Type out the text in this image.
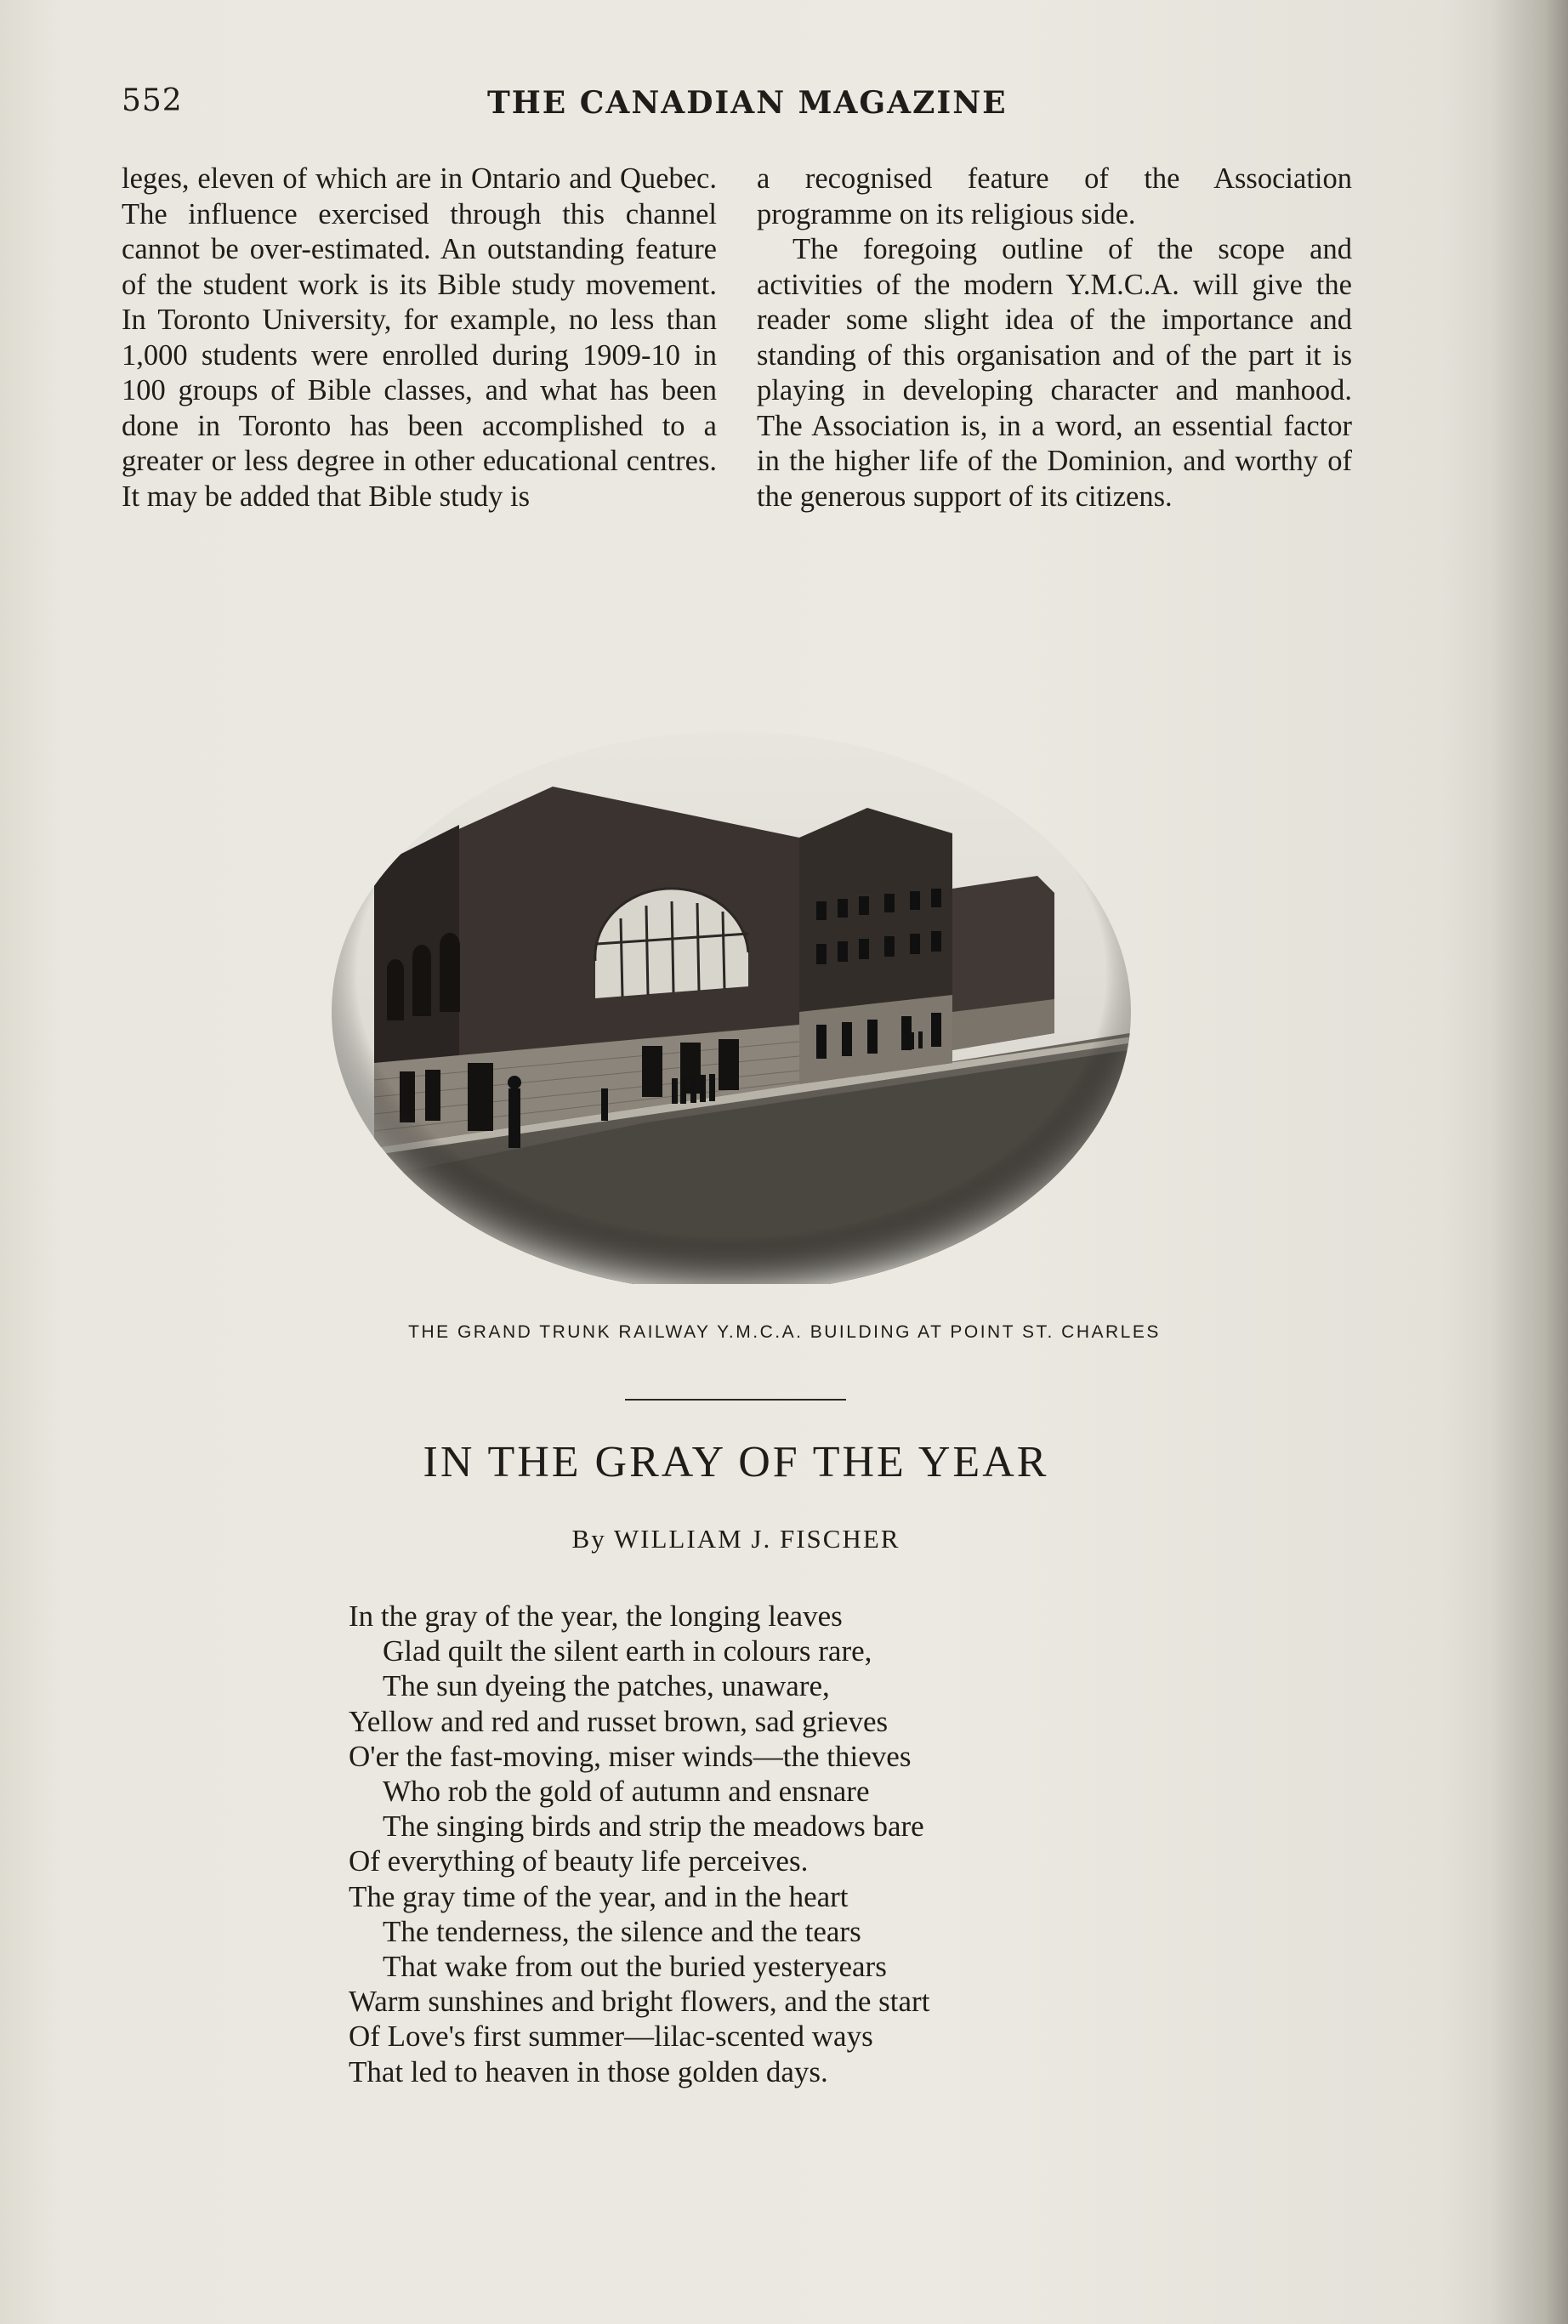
552	THE CANADIAN MAGAZINE

leges, eleven of which are in Ontario and Quebec. The influence exercised through this channel cannot be over-estimated. An outstanding feature of the student work is its Bible study movement. In Toronto University, for example, no less than 1,000 students were enrolled during 1909-10 in 100 groups of Bible classes, and what has been done in Toronto has been accomplished to a greater or less degree in other educational centres. It may be added that Bible study is

a recognised feature of the Association programme on its religious side.

The foregoing outline of the scope and activities of the modern Y.M.C.A. will give the reader some slight idea of the importance and standing of this organisation and of the part it is playing in developing character and manhood. The Association is, in a word, an essential factor in the higher life of the Dominion, and worthy of the generous support of its citizens.

THE GRAND TRUNK RAILWAY Y.M.C.A. BUILDING AT POINT ST. CHARLES
IN THE GRAY OF THE YEAR
By WILLIAM J. FISCHER
In the gray of the year, the longing leaves
Glad quilt the silent earth in colours rare,
The sun dyeing the patches, unaware,
Yellow and red and russet brown, sad grieves
O'er the fast-moving, miser winds—the thieves
Who rob the gold of autumn and ensnare
The singing birds and strip the meadows bare
Of everything of beauty life perceives.
The gray time of the year, and in the heart
The tenderness, the silence and the tears
That wake from out the buried yesteryears
Warm sunshines and bright flowers, and the start
Of Love's first summer—lilac-scented ways
That led to heaven in those golden days.
